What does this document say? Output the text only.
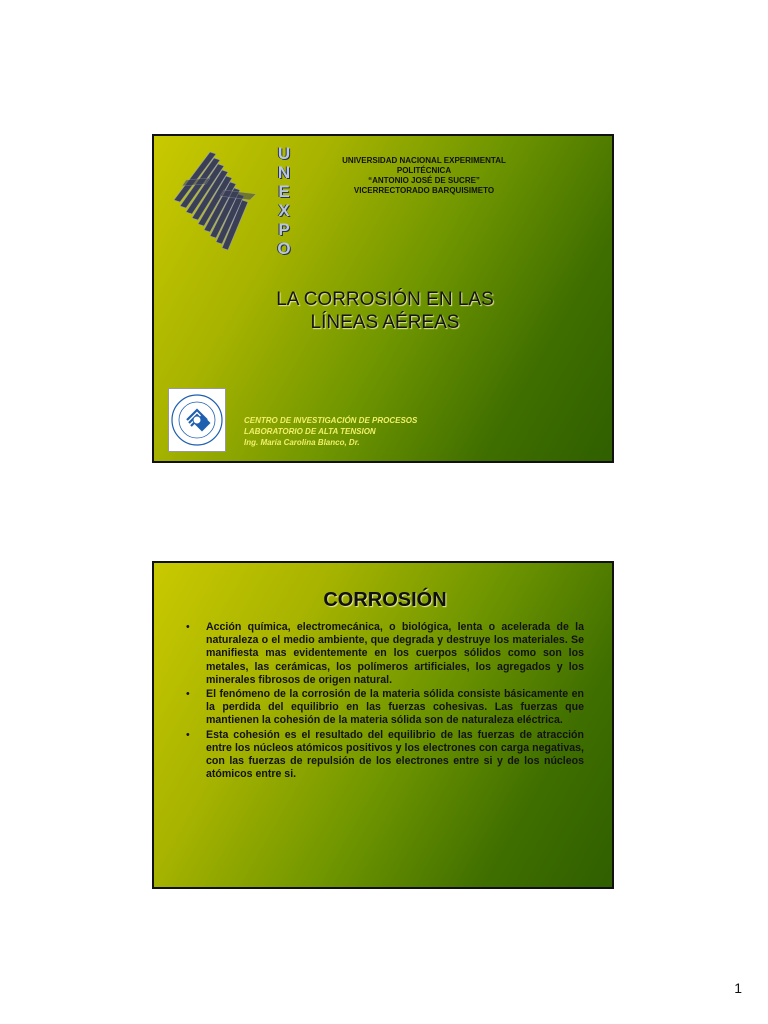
U
N
E
X
P
O
UNIVERSIDAD NACIONAL EXPERIMENTAL
POLITÉCNICA
“ANTONIO JOSÉ DE SUCRE”
VICERRECTORADO BARQUISIMETO
LA CORROSIÓN EN LAS
LÍNEAS AÉREAS
CENTRO DE INVESTIGACIÓN DE PROCESOS
LABORATORIO DE ALTA TENSION
Ing. María Carolina Blanco, Dr.
CORROSIÓN
• Acción química, electromecánica, o biológica, lenta o acelerada de la naturaleza o el medio ambiente, que degrada y destruye los materiales. Se manifiesta mas evidentemente en los cuerpos sólidos como son los metales, las cerámicas, los polímeros artificiales, los agregados y los minerales fibrosos de origen natural.
• El fenómeno de la corrosión de la materia sólida consiste básicamente en la perdida del equilibrio en las fuerzas cohesivas. Las fuerzas que mantienen la cohesión de la materia sólida son de naturaleza eléctrica.
• Esta cohesión es el resultado del equilibrio de las fuerzas de atracción entre los núcleos atómicos positivos y los electrones con carga negativas, con las fuerzas de repulsión de los electrones entre si y de los núcleos atómicos entre si.
1
